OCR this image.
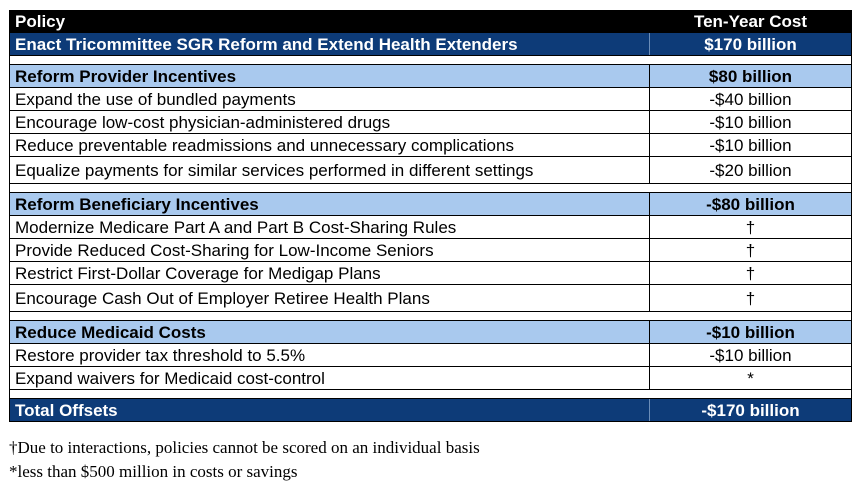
Policy	Ten-Year Cost
Enact Tricommittee SGR Reform and Extend Health Extenders	$170 billion
Reform Provider Incentives	$80 billion
Expand the use of bundled payments	-$40 billion
Encourage low-cost physician-administered drugs	-$10 billion
Reduce preventable readmissions and unnecessary complications	-$10 billion
Equalize payments for similar services performed in different settings	-$20 billion
Reform Beneficiary Incentives	-$80 billion
Modernize Medicare Part A and Part B Cost-Sharing Rules	†
Provide Reduced Cost-Sharing for Low-Income Seniors	†
Restrict First-Dollar Coverage for Medigap Plans	†
Encourage Cash Out of Employer Retiree Health Plans	†
Reduce Medicaid Costs	-$10 billion
Restore provider tax threshold to 5.5%	-$10 billion
Expand waivers for Medicaid cost-control	*
Total Offsets	-$170 billion
†Due to interactions, policies cannot be scored on an individual basis
*less than $500 million in costs or savings
